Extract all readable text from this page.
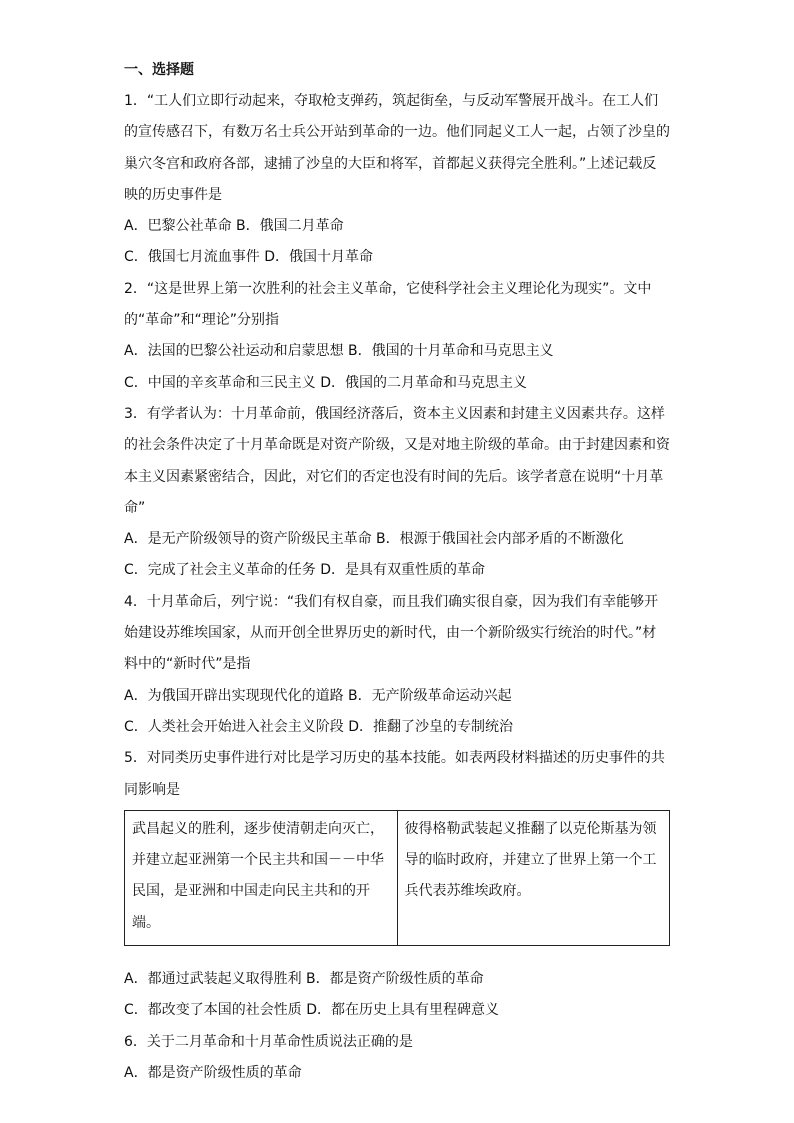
一、选择题

1．“工人们立即行动起来，夺取枪支弹药，筑起街垒，与反动军警展开战斗。在工人们的宣传感召下，有数万名士兵公开站到革命的一边。他们同起义工人一起，占领了沙皇的巢穴冬宫和政府各部，逮捕了沙皇的大臣和将军，首都起义获得完全胜利。”上述记载反映的历史事件是

A．巴黎公社革命 B．俄国二月革命

C．俄国七月流血事件 D．俄国十月革命

2．“这是世界上第一次胜利的社会主义革命，它使科学社会主义理论化为现实”。文中的“革命”和“理论”分别指

A．法国的巴黎公社运动和启蒙思想 B．俄国的十月革命和马克思主义

C．中国的辛亥革命和三民主义 D．俄国的二月革命和马克思主义

3．有学者认为：十月革命前，俄国经济落后，资本主义因素和封建主义因素共存。这样的社会条件决定了十月革命既是对资产阶级，又是对地主阶级的革命。由于封建因素和资本主义因素紧密结合，因此，对它们的否定也没有时间的先后。该学者意在说明“十月革命”

A．是无产阶级领导的资产阶级民主革命 B．根源于俄国社会内部矛盾的不断激化

C．完成了社会主义革命的任务 D．是具有双重性质的革命

4．十月革命后，列宁说：“我们有权自豪，而且我们确实很自豪，因为我们有幸能够开始建设苏维埃国家，从而开创全世界历史的新时代，由一个新阶级实行统治的时代。”材料中的“新时代”是指

A．为俄国开辟出实现现代化的道路 B．无产阶级革命运动兴起

C．人类社会开始进入社会主义阶段 D．推翻了沙皇的专制统治

5．对同类历史事件进行对比是学习历史的基本技能。如表两段材料描述的历史事件的共同影响是

武昌起义的胜利，逐步使清朝走向灭亡，并建立起亚洲第一个民主共和国－－中华民国，是亚洲和中国走向民主共和的开端。	彼得格勒武装起义推翻了以克伦斯基为领导的临时政府，并建立了世界上第一个工兵代表苏维埃政府。

A．都通过武装起义取得胜利 B．都是资产阶级性质的革命

C．都改变了本国的社会性质 D．都在历史上具有里程碑意义

6．关于二月革命和十月革命性质说法正确的是

A．都是资产阶级性质的革命
